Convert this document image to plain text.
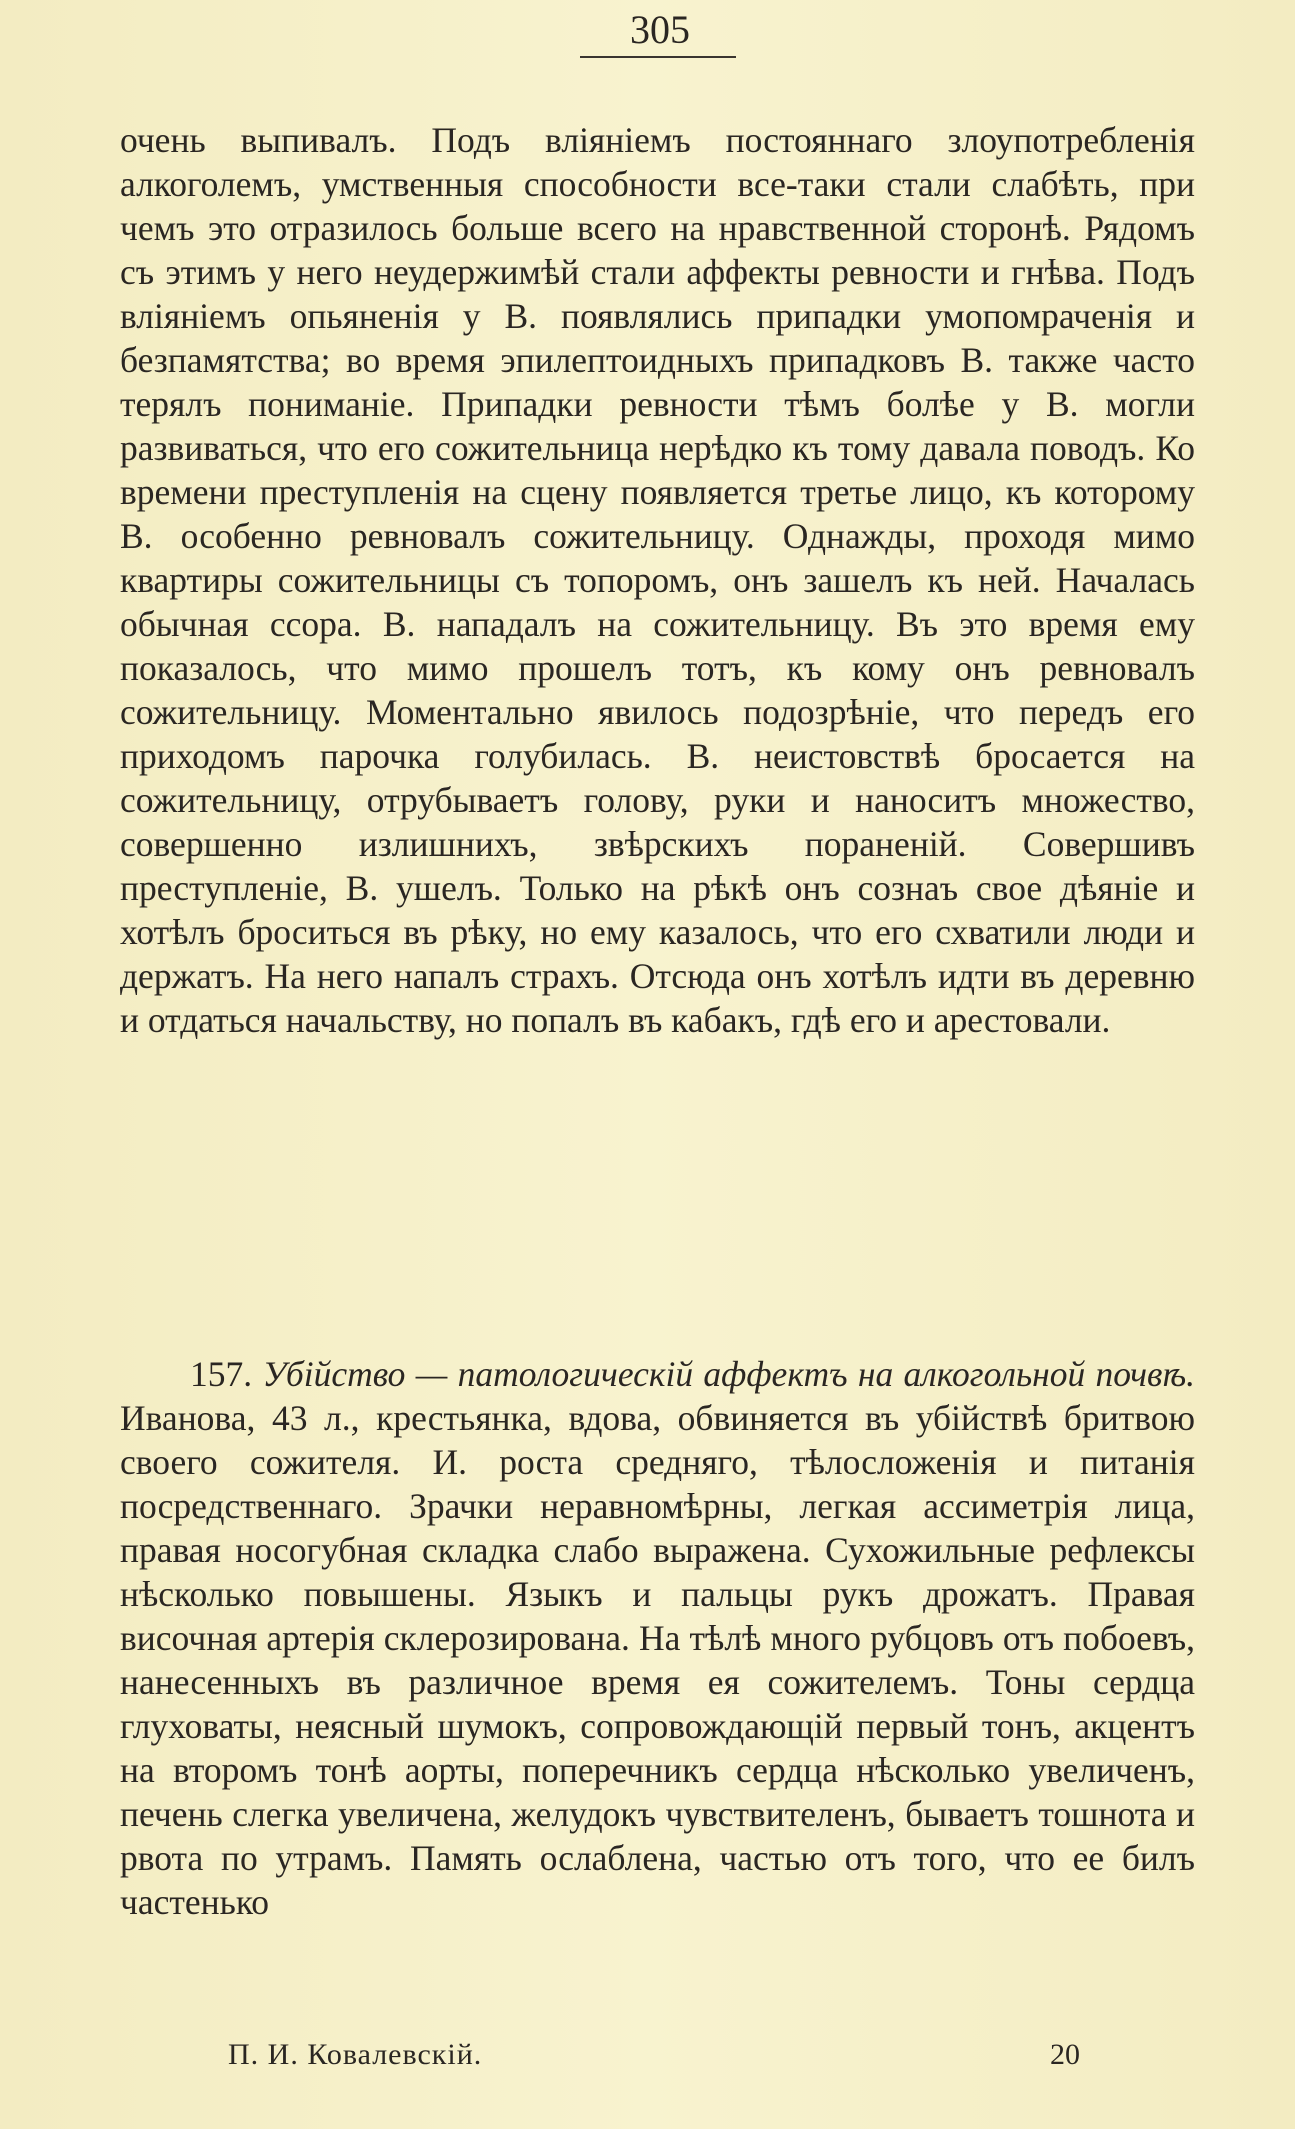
305

очень выпивалъ. Подъ вліяніемъ постояннаго злоупотребленія алкоголемъ, умственныя способности все-таки стали слабѣть, при чемъ это отразилось больше всего на нравственной сторонѣ. Рядомъ съ этимъ у него неудержимѣй стали аффекты ревности и гнѣва. Подъ вліяніемъ опьяненія у В. появлялись припадки умопомраченія и безпамятства; во время эпилептоидныхъ припадковъ В. также часто терялъ пониманіе. Припадки ревности тѣмъ болѣе у В. могли развиваться, что его сожительница нерѣдко къ тому давала поводъ. Ко времени преступленія на сцену появляется третье лицо, къ которому В. особенно ревновалъ сожительницу. Однажды, проходя мимо квартиры сожительницы съ топоромъ, онъ зашелъ къ ней. Началась обычная ссора. В. нападалъ на сожительницу. Въ это время ему показалось, что мимо прошелъ тотъ, къ кому онъ ревновалъ сожительницу. Моментально явилось подозрѣніе, что передъ его приходомъ парочка голубилась. В. неистовствѣ бросается на сожительницу, отрубываетъ голову, руки и наноситъ множество, совершенно излишнихъ, звѣрскихъ пораненій. Совершивъ преступленіе, В. ушелъ. Только на рѣкѣ онъ сознаъ свое дѣяніе и хотѣлъ броситься въ рѣку, но ему казалось, что его схватили люди и держатъ. На него напалъ страхъ. Отсюда онъ хотѣлъ идти въ деревню и отдаться начальству, но попалъ въ кабакъ, гдѣ его и арестовали.

157. Убійство — патологическій аффектъ на алкогольной почвѣ. Иванова, 43 л., крестьянка, вдова, обвиняется въ убійствѣ бритвою своего сожителя. И. роста средняго, тѣлосложенія и питанія посредственнаго. Зрачки неравномѣрны, легкая ассиметрія лица, правая носогубная складка слабо выражена. Сухожильные рефлексы нѣсколько повышены. Языкъ и пальцы рукъ дрожатъ. Правая височная артерія склерозирована. На тѣлѣ много рубцовъ отъ побоевъ, нанесенныхъ въ различное время ея сожителемъ. Тоны сердца глуховаты, неясный шумокъ, сопровождающій первый тонъ, акцентъ на второмъ тонѣ аорты, поперечникъ сердца нѣсколько увеличенъ, печень слегка увеличена, желудокъ чувствителенъ, бываетъ тошнота и рвота по утрамъ. Память ослаблена, частью отъ того, что ее билъ частенько

П. И. Ковалевскій.	20
